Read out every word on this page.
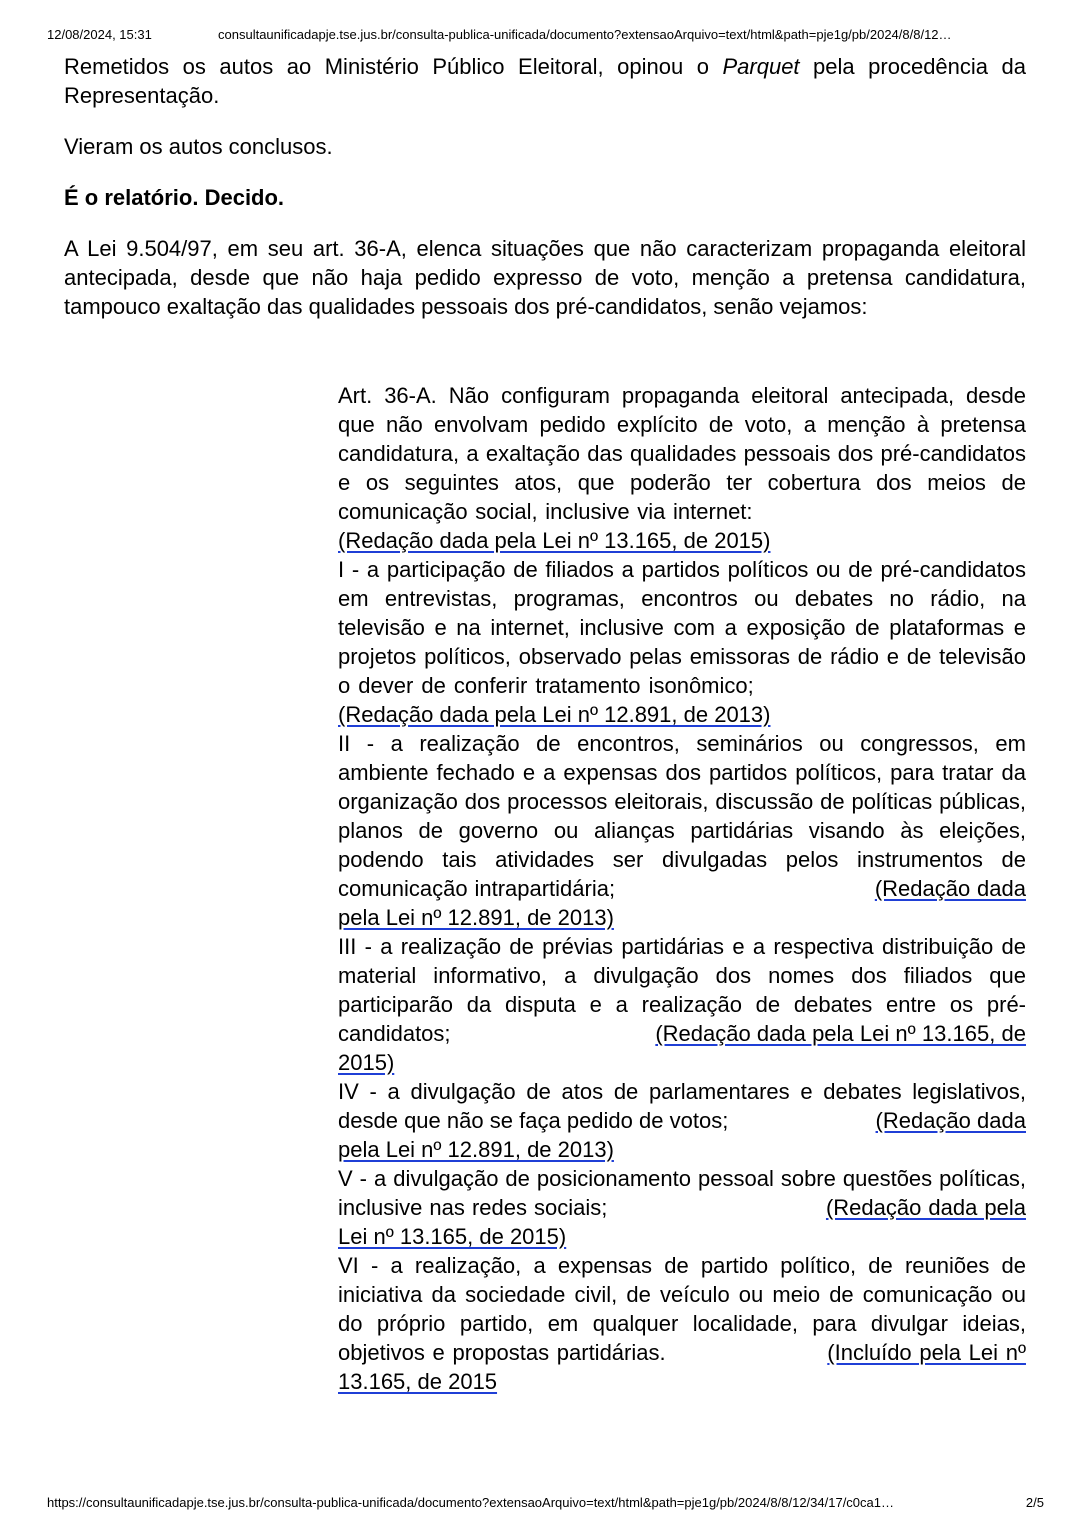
12/08/2024, 15:31	consultaunificadapje.tse.jus.br/consulta-publica-unificada/documento?extensaoArquivo=text/html&path=pje1g/pb/2024/8/8/12…

Remetidos os autos ao Ministério Público Eleitoral, opinou o Parquet pela procedência da Representação.

Vieram os autos conclusos.

É o relatório. Decido.

A Lei 9.504/97, em seu art. 36-A, elenca situações que não caracterizam propaganda eleitoral antecipada, desde que não haja pedido expresso de voto, menção a pretensa candidatura, tampouco exaltação das qualidades pessoais dos pré-candidatos, senão vejamos:

Art. 36-A. Não configuram propaganda eleitoral antecipada, desde que não envolvam pedido explícito de voto, a menção à pretensa candidatura, a exaltação das qualidades pessoais dos pré-candidatos e os seguintes atos, que poderão ter cobertura dos meios de comunicação social, inclusive via internet:                                     (Redação dada pela Lei nº 13.165, de 2015)

I - a participação de filiados a partidos políticos ou de pré-candidatos em entrevistas, programas, encontros ou debates no rádio, na televisão e na internet, inclusive com a exposição de plataformas e projetos políticos, observado pelas emissoras de rádio e de televisão o dever de conferir tratamento isonômico;                                   (Redação dada pela Lei nº 12.891, de 2013)

II - a realização de encontros, seminários ou congressos, em ambiente fechado e a expensas dos partidos políticos, para tratar da organização dos processos eleitorais, discussão de políticas públicas, planos de governo ou alianças partidárias visando às eleições, podendo tais atividades ser divulgadas pelos instrumentos de comunicação intrapartidária;	(Redação dada pela Lei nº 12.891, de 2013)

III - a realização de prévias partidárias e a respectiva distribuição de material informativo, a divulgação dos nomes dos filiados que participarão da disputa e a realização de debates entre os pré-candidatos;	(Redação dada pela Lei nº 13.165, de 2015)

IV - a divulgação de atos de parlamentares e debates legislativos, desde que não se faça pedido de votos;	(Redação dada pela Lei nº 12.891, de 2013)

V - a divulgação de posicionamento pessoal sobre questões políticas, inclusive nas redes sociais;	(Redação dada pela Lei nº 13.165, de 2015)

VI - a realização, a expensas de partido político, de reuniões de iniciativa da sociedade civil, de veículo ou meio de comunicação ou do próprio partido, em qualquer localidade, para divulgar ideias, objetivos e propostas partidárias.	(Incluído pela Lei nº 13.165, de 2015

https://consultaunificadapje.tse.jus.br/consulta-publica-unificada/documento?extensaoArquivo=text/html&path=pje1g/pb/2024/8/8/12/34/17/c0ca1…	2/5
